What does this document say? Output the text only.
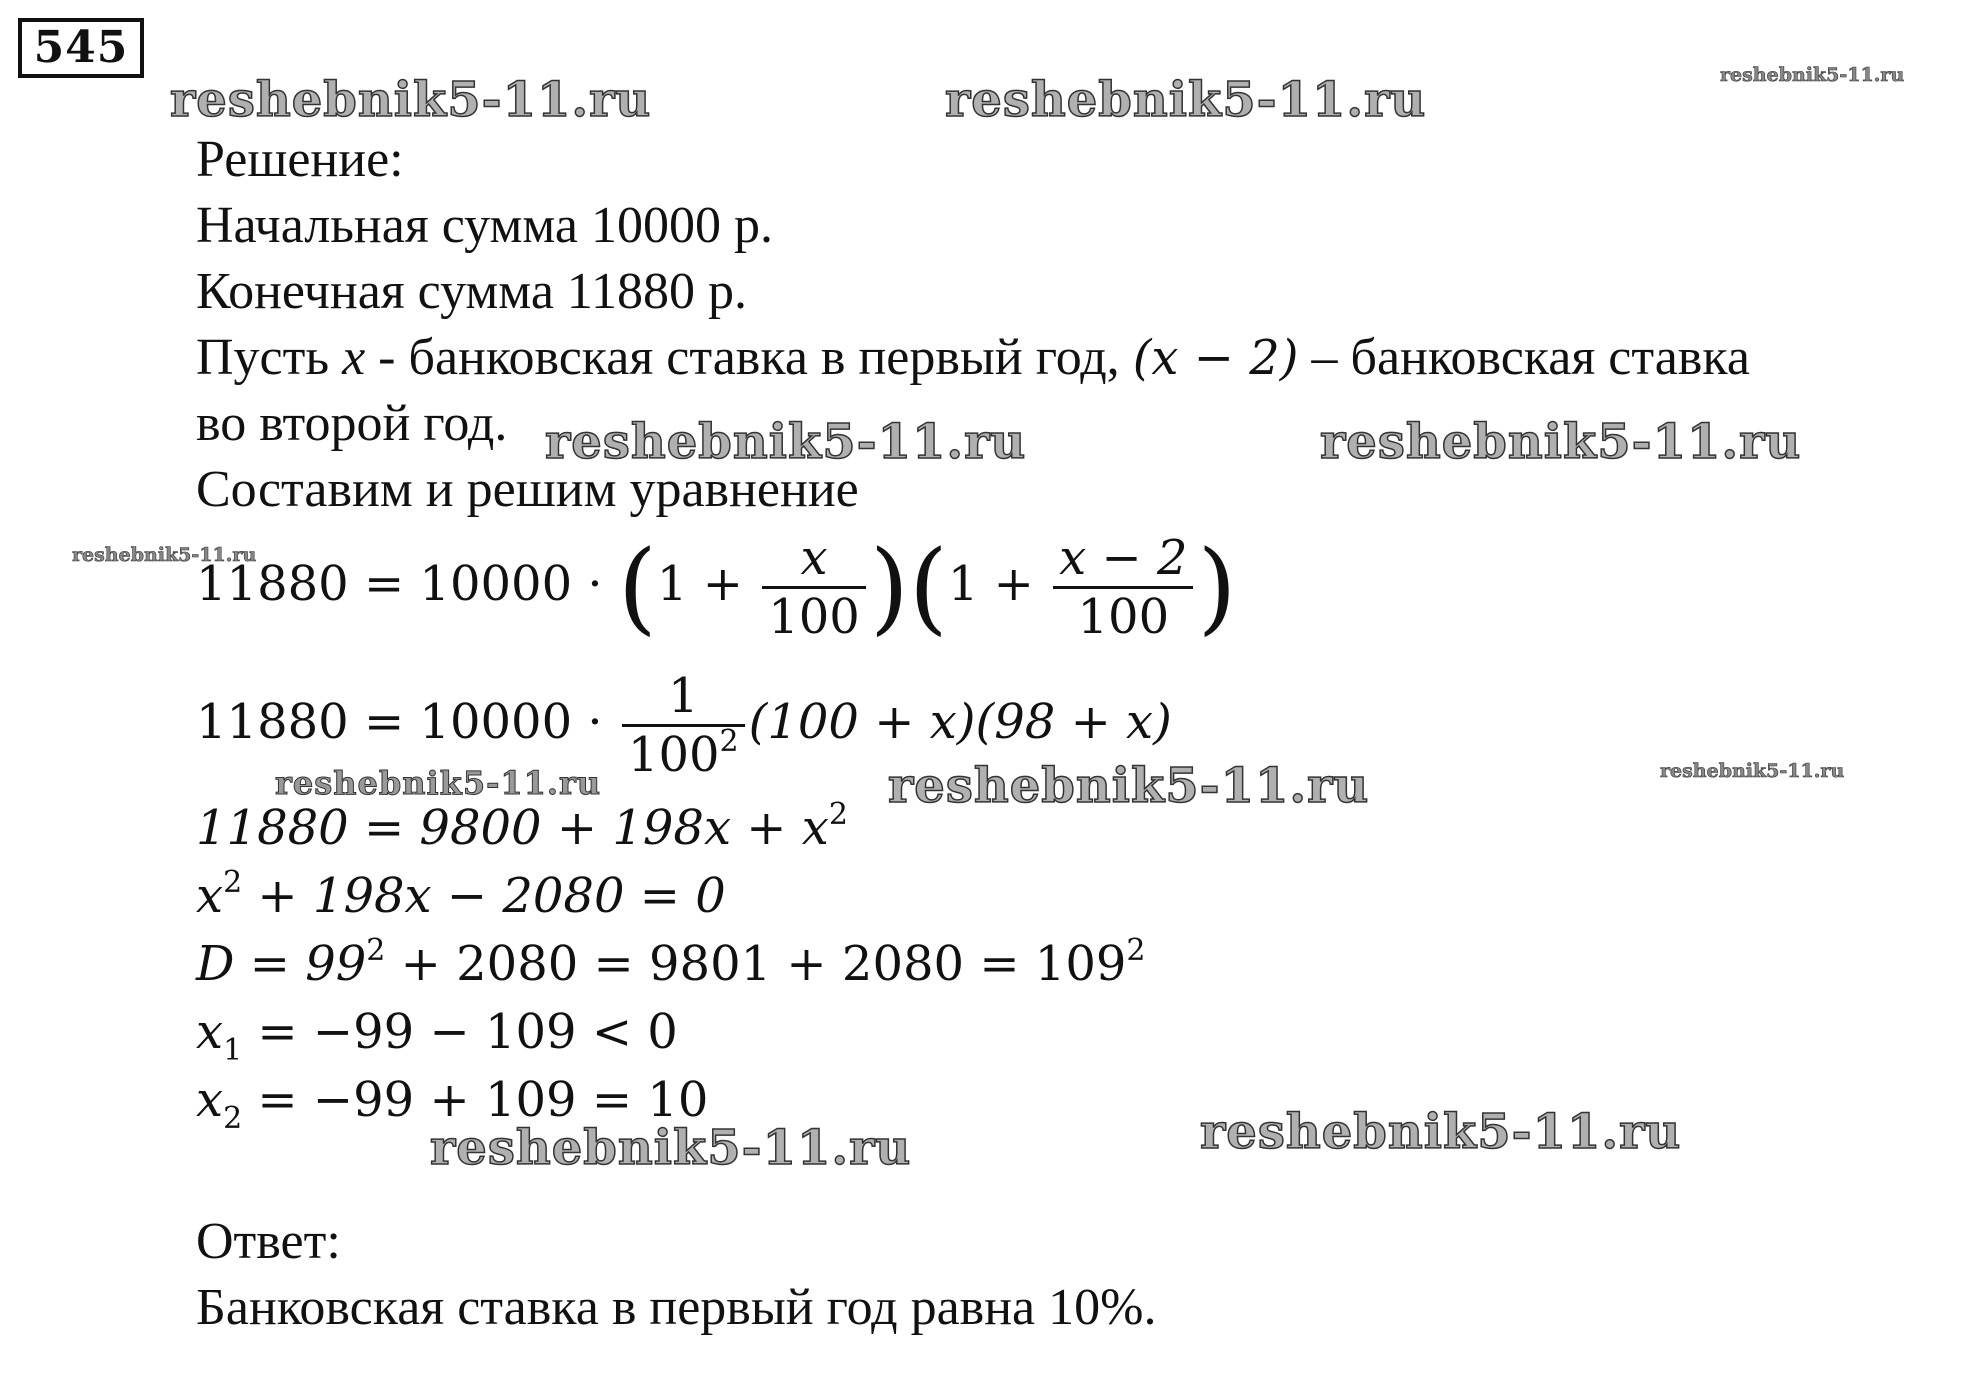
545
Решение:
Начальная сумма 10000 р.
Конечная сумма 11880 р.
Пусть x - банковская ставка в первый год, (x − 2) – банковская ставка
во второй год.
Составим и решим уравнение
$11880 = 10000 \cdot (1 + \frac{x}{100} )(1 + \frac{x - 2}{100}$ )
$11880 = 10000 \cdot \frac{1}{100^2} (100 + x)(98 + x)$
$11880 = 9800 + 198x + x^2$
$x^2 + 198x - 2080 = 0$
$D = 99^2 + 2080 = 9801 + 2080 = 109^2$
$x_1 = -99 - 109 < 0$
$x_2 = -99 + 109 = 10$
Ответ:
Банковская ставка в первый год равна 10%.
reshebnik5-11.ru	reshebnik5-11.ru	reshebnik5-11.ru
reshebnik5-11.ru	reshebnik5-11.ru
reshebnik5-11.ru
reshebnik5-11.ru	reshebnik5-11.ru	reshebnik5-11.ru
reshebnik5-11.ru	reshebnik5-11.ru
